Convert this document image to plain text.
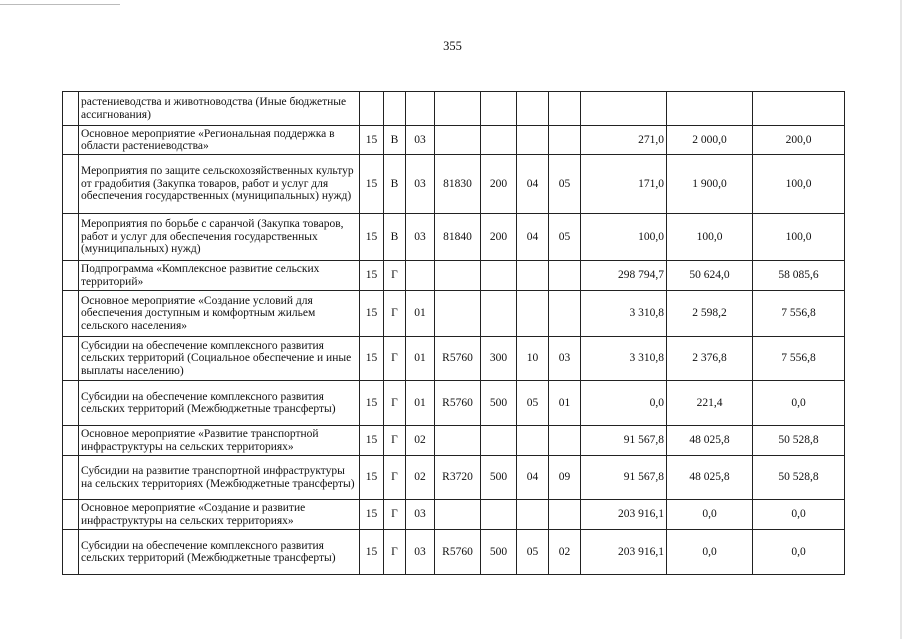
355
	растениеводства и животноводства (Иные бюджетные ассигнования)										
	Основное мероприятие «Региональная поддержка в области растениеводства»	15	В	03					271,0	2 000,0	200,0
	Мероприятия по защите сельскохозяйственных культур от градобития (Закупка товаров, работ и услуг для обеспечения государственных (муниципальных) нужд)	15	В	03	81830	200	04	05	171,0	1 900,0	100,0
	Мероприятия по борьбе с саранчой (Закупка товаров, работ и услуг для обеспечения государственных (муниципальных) нужд)	15	В	03	81840	200	04	05	100,0	100,0	100,0
	Подпрограмма «Комплексное развитие сельских территорий»	15	Г						298 794,7	50 624,0	58 085,6
	Основное мероприятие «Создание условий для обеспечения доступным и комфортным жильем сельского населения»	15	Г	01					3 310,8	2 598,2	7 556,8
	Субсидии на обеспечение комплексного развития сельских территорий (Социальное обеспечение и иные выплаты населению)	15	Г	01	R5760	300	10	03	3 310,8	2 376,8	7 556,8
	Субсидии на обеспечение комплексного развития сельских территорий (Межбюджетные трансферты)	15	Г	01	R5760	500	05	01	0,0	221,4	0,0
	Основное мероприятие «Развитие транспортной инфраструктуры на сельских территориях»	15	Г	02					91 567,8	48 025,8	50 528,8
	Субсидии на развитие транспортной инфраструктуры на сельских территориях (Межбюджетные трансферты)	15	Г	02	R3720	500	04	09	91 567,8	48 025,8	50 528,8
	Основное мероприятие «Создание и развитие инфраструктуры на сельских территориях»	15	Г	03					203 916,1	0,0	0,0
	Субсидии на обеспечение комплексного развития сельских территорий (Межбюджетные трансферты)	15	Г	03	R5760	500	05	02	203 916,1	0,0	0,0
